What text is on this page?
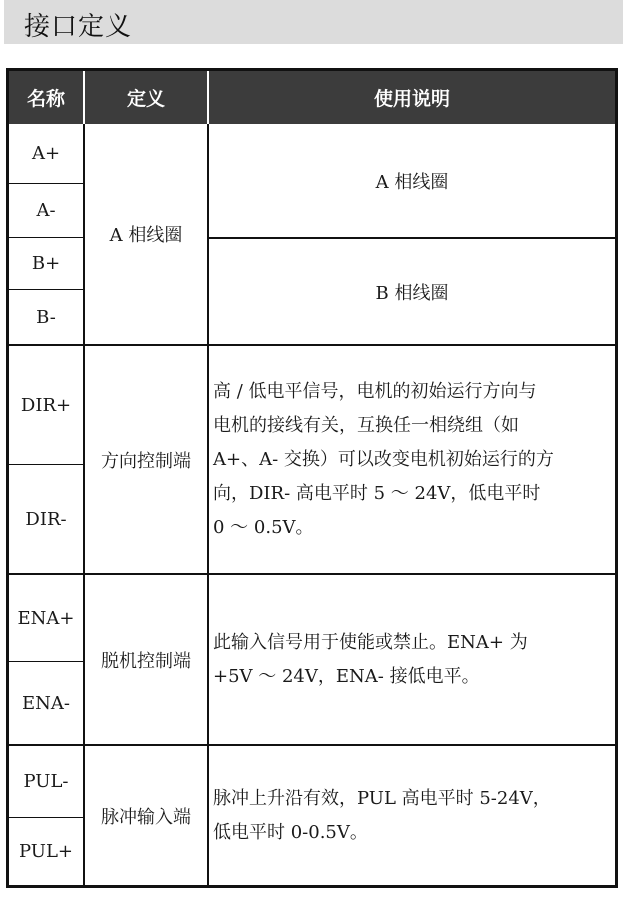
接口定义
名称	定义	使用说明
A+
A-
B+
B-
A 相线圈
A 相线圈
B 相线圈
DIR+
DIR-
方向控制端
高 / 低电平信号，电机的初始运行方向与
电机的接线有关，互换任一相绕组（如
A+、A- 交换）可以改变电机初始运行的方
向，DIR- 高电平时 5 ～ 24V，低电平时
0 ～ 0.5V。
ENA+
ENA-
脱机控制端
此输入信号用于使能或禁止。ENA+ 为
+5V ～ 24V，ENA- 接低电平。
PUL-
PUL+
脉冲输入端
脉冲上升沿有效，PUL 高电平时 5-24V，
低电平时 0-0.5V。
